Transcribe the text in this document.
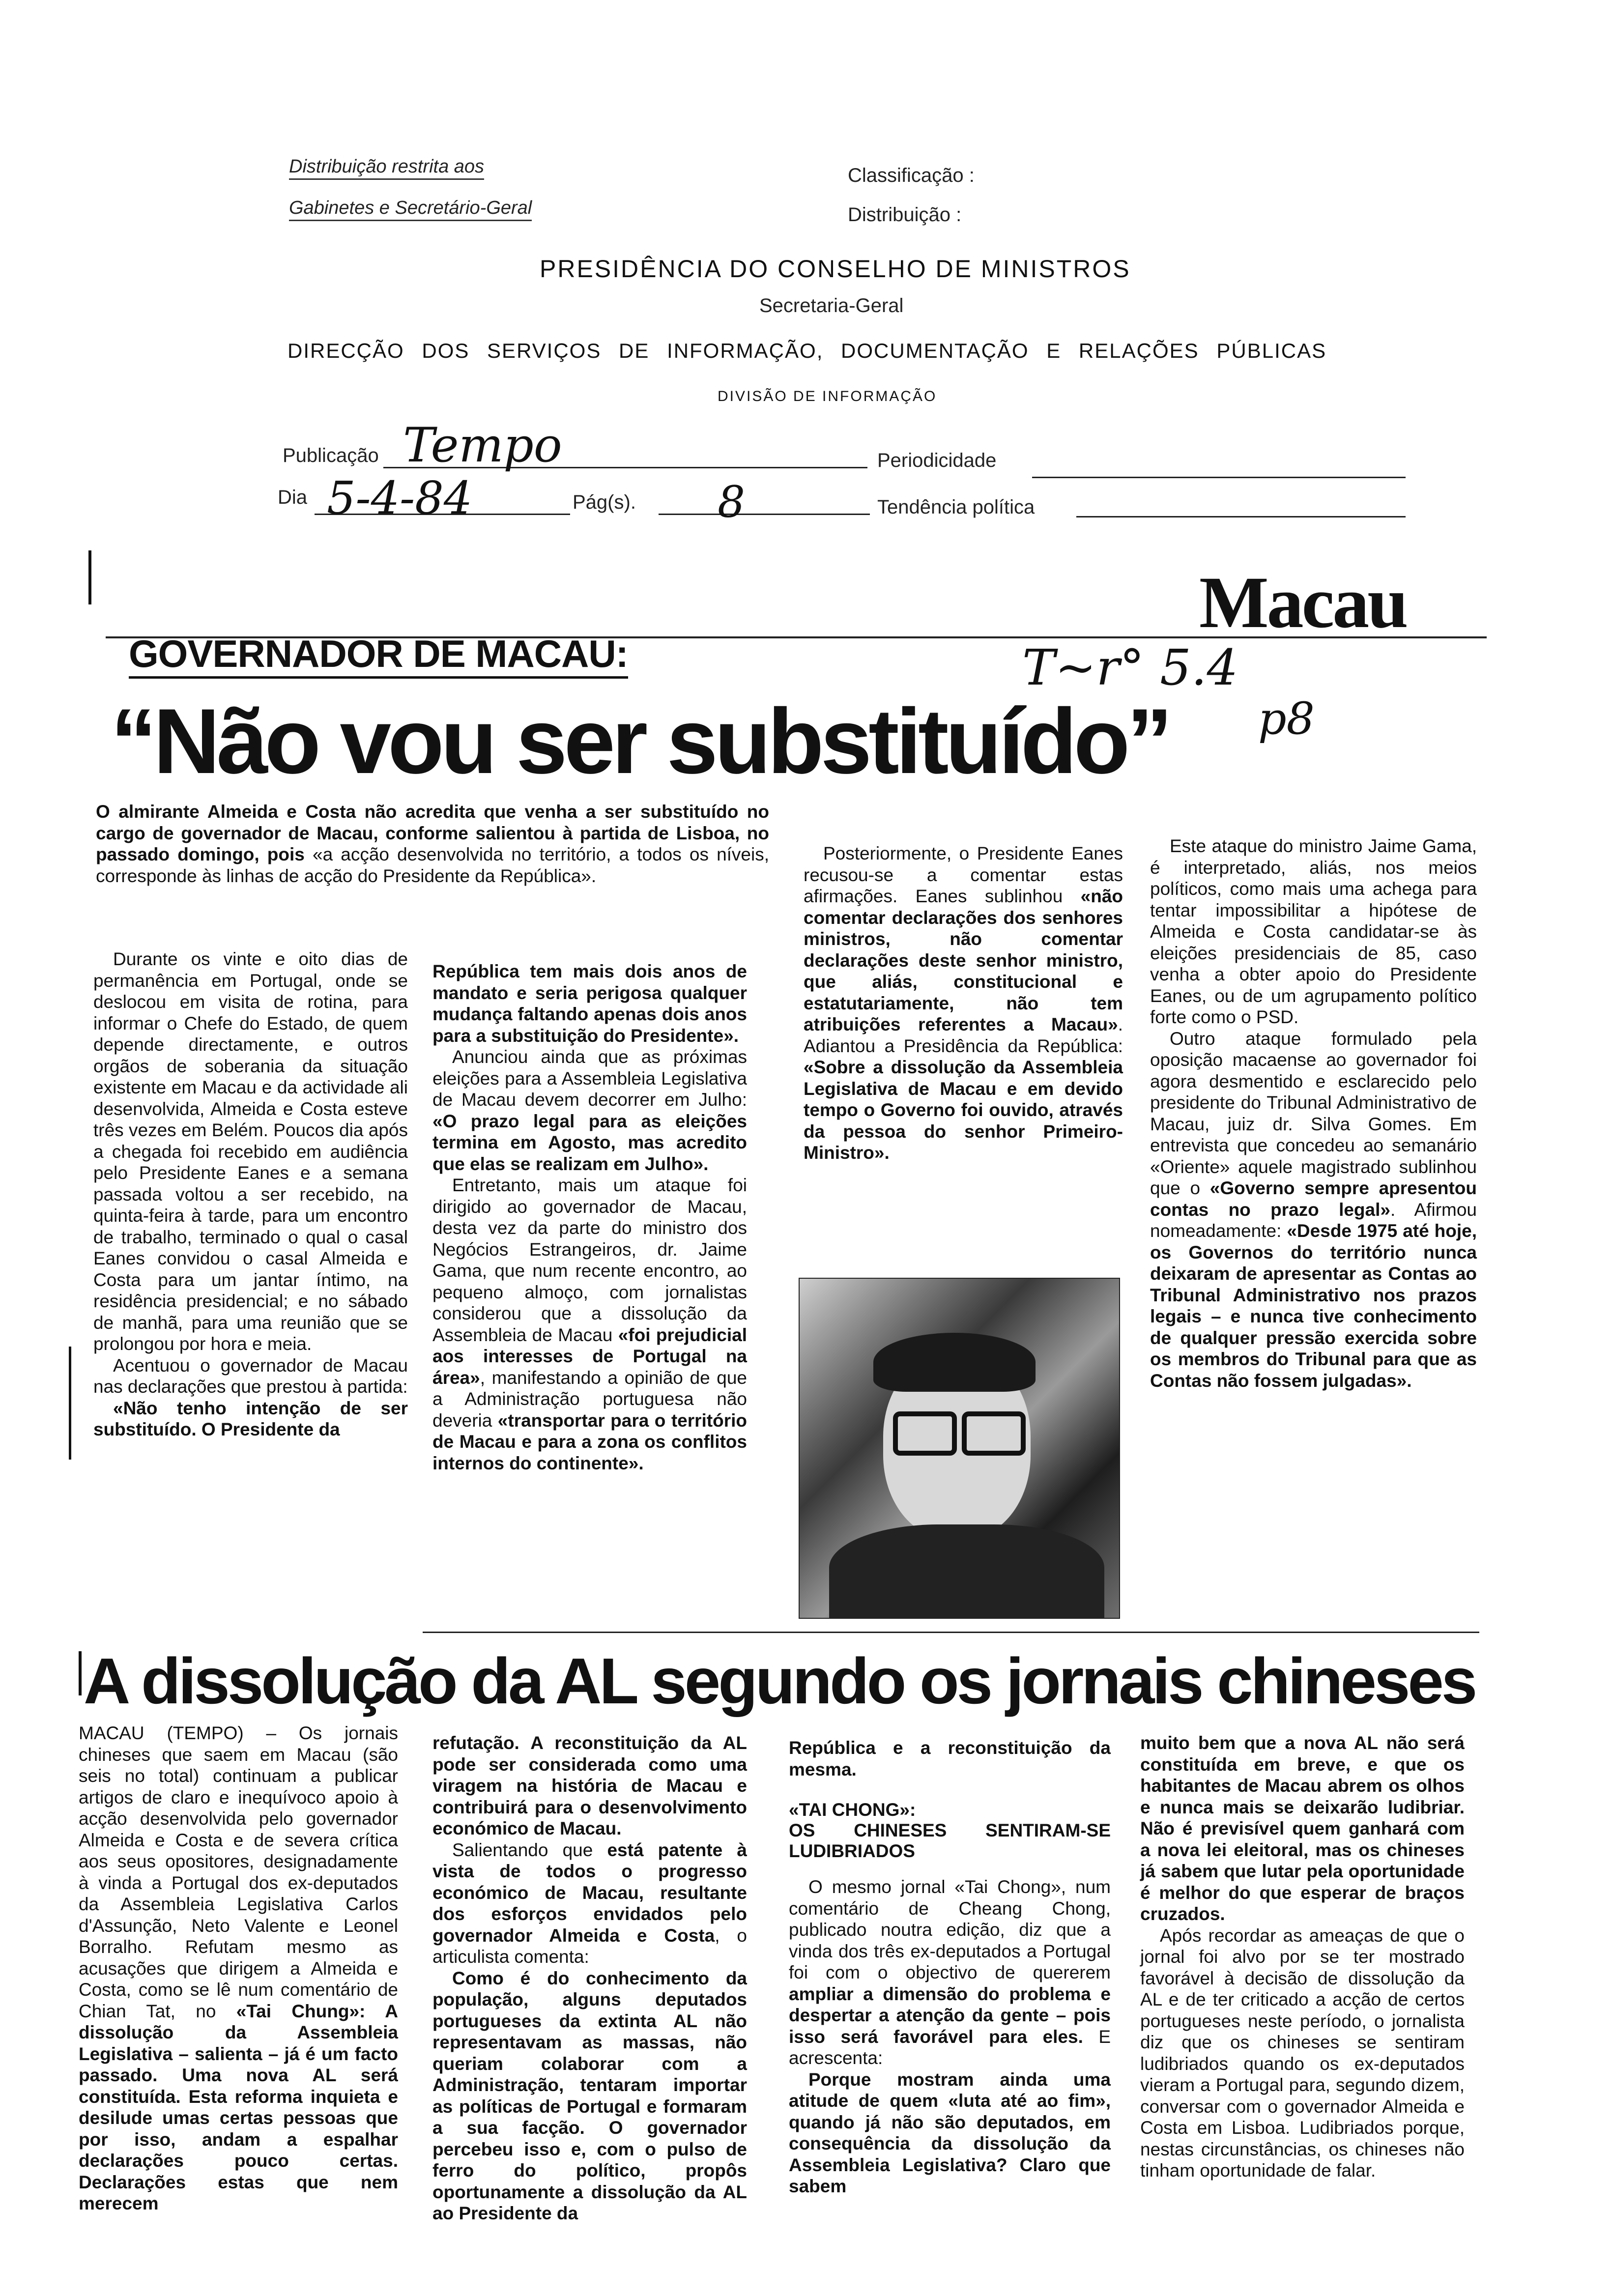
Distribuição restrita aos
Gabinetes e Secretário-Geral
Classificação :
Distribuição :
PRESIDÊNCIA DO CONSELHO DE MINISTROS
Secretaria-Geral
DIRECÇÃO DOS SERVIÇOS DE INFORMAÇÃO, DOCUMENTAÇÃO E RELAÇÕES PÚBLICAS
DIVISÃO DE INFORMAÇÃO
Publicação Tempo	Periodicidade
Dia 5-4-84	Pág(s). 8	Tendência política
Macau
T~r° 5.4
p8
GOVERNADOR DE MACAU:
“Não vou ser substituído”

O almirante Almeida e Costa não acredita que venha a ser substituído no cargo de governador de Macau, conforme salientou à partida de Lisboa, no passado domingo, pois «a acção desenvolvida no território, a todos os níveis, corresponde às linhas de acção do Presidente da República».

Durante os vinte e oito dias de permanência em Portugal, onde se deslocou em visita de rotina, para informar o Chefe do Estado, de quem depende directamente, e outros orgãos de soberania da situação existente em Macau e da actividade ali desenvolvida, Almeida e Costa esteve três vezes em Belém. Poucos dia após a chegada foi recebido em audiência pelo Presidente Eanes e a semana passada voltou a ser recebido, na quinta-feira à tarde, para um encontro de trabalho, terminado o qual o casal Eanes convidou o casal Almeida e Costa para um jantar íntimo, na residência presidencial; e no sábado de manhã, para uma reunião que se prolongou por hora e meia.

Acentuou o governador de Macau nas declarações que prestou à partida:

«Não tenho intenção de ser substituído. O Presidente da

República tem mais dois anos de mandato e seria perigosa qualquer mudança faltando apenas dois anos para a substituição do Presidente».

Anunciou ainda que as próximas eleições para a Assembleia Legislativa de Macau devem decorrer em Julho: «O prazo legal para as eleições termina em Agosto, mas acredito que elas se realizam em Julho».

Entretanto, mais um ataque foi dirigido ao governador de Macau, desta vez da parte do ministro dos Negócios Estrangeiros, dr. Jaime Gama, que num recente encontro, ao pequeno almoço, com jornalistas considerou que a dissolução da Assembleia de Macau «foi prejudicial aos interesses de Portugal na área», manifestando a opinião de que a Administração portuguesa não deveria «transportar para o território de Macau e para a zona os conflitos internos do continente».

Posteriormente, o Presidente Eanes recusou-se a comentar estas afirmações. Eanes sublinhou «não comentar declarações dos senhores ministros, não comentar declarações deste senhor ministro, que aliás, constitucional e estatutariamente, não tem atribuições referentes a Macau». Adiantou a Presidência da República: «Sobre a dissolução da Assembleia Legislativa de Macau e em devido tempo o Governo foi ouvido, através da pessoa do senhor Primeiro-Ministro».

Este ataque do ministro Jaime Gama, é interpretado, aliás, nos meios políticos, como mais uma achega para tentar impossibilitar a hipótese de Almeida e Costa candidatar-se às eleições presidenciais de 85, caso venha a obter apoio do Presidente Eanes, ou de um agrupamento político forte como o PSD.

Outro ataque formulado pela oposição macaense ao governador foi agora desmentido e esclarecido pelo presidente do Tribunal Administrativo de Macau, juiz dr. Silva Gomes. Em entrevista que concedeu ao semanário «Oriente» aquele magistrado sublinhou que o «Governo sempre apresentou contas no prazo legal». Afirmou nomeadamente: «Desde 1975 até hoje, os Governos do território nunca deixaram de apresentar as Contas ao Tribunal Administrativo nos prazos legais – e nunca tive conhecimento de qualquer pressão exercida sobre os membros do Tribunal para que as Contas não fossem julgadas».

A dissolução da AL segundo os jornais chineses

MACAU (TEMPO) – Os jornais chineses que saem em Macau (são seis no total) continuam a publicar artigos de claro e inequívoco apoio à acção desenvolvida pelo governador Almeida e Costa e de severa crítica aos seus opositores, designadamente à vinda a Portugal dos ex-deputados da Assembleia Legislativa Carlos d'Assunção, Neto Valente e Leonel Borralho. Refutam mesmo as acusações que dirigem a Almeida e Costa, como se lê num comentário de Chian Tat, no «Tai Chung»: A dissolução da Assembleia Legislativa – salienta – já é um facto passado. Uma nova AL será constituída. Esta reforma inquieta e desilude umas certas pessoas que por isso, andam a espalhar declarações pouco certas. Declarações estas que nem merecem

refutação. A reconstituição da AL pode ser considerada como uma viragem na história de Macau e contribuirá para o desenvolvimento económico de Macau.

Salientando que está patente à vista de todos o progresso económico de Macau, resultante dos esforços envidados pelo governador Almeida e Costa, o articulista comenta:

Como é do conhecimento da população, alguns deputados portugueses da extinta AL não representavam as massas, não queriam colaborar com a Administração, tentaram importar as políticas de Portugal e formaram a sua facção. O governador percebeu isso e, com o pulso de ferro do político, propôs oportunamente a dissolução da AL ao Presidente da

República e a reconstituição da mesma.

«TAI CHONG»:
OS CHINESES SENTIRAM-SE LUDIBRIADOS

O mesmo jornal «Tai Chong», num comentário de Cheang Chong, publicado noutra edição, diz que a vinda dos três ex-deputados a Portugal foi com o objectivo de quererem ampliar a dimensão do problema e despertar a atenção da gente – pois isso será favorável para eles. E acrescenta:

Porque mostram ainda uma atitude de quem «luta até ao fim», quando já não são deputados, em consequência da dissolução da Assembleia Legislativa? Claro que sabem

muito bem que a nova AL não será constituída em breve, e que os habitantes de Macau abrem os olhos e nunca mais se deixarão ludibriar. Não é previsível quem ganhará com a nova lei eleitoral, mas os chineses já sabem que lutar pela oportunidade é melhor do que esperar de braços cruzados.

Após recordar as ameaças de que o jornal foi alvo por se ter mostrado favorável à decisão de dissolução da AL e de ter criticado a acção de certos portugueses neste período, o jornalista diz que os chineses se sentiram ludibriados quando os ex-deputados vieram a Portugal para, segundo dizem, conversar com o governador Almeida e Costa em Lisboa. Ludibriados porque, nestas circunstâncias, os chineses não tinham oportunidade de falar.
